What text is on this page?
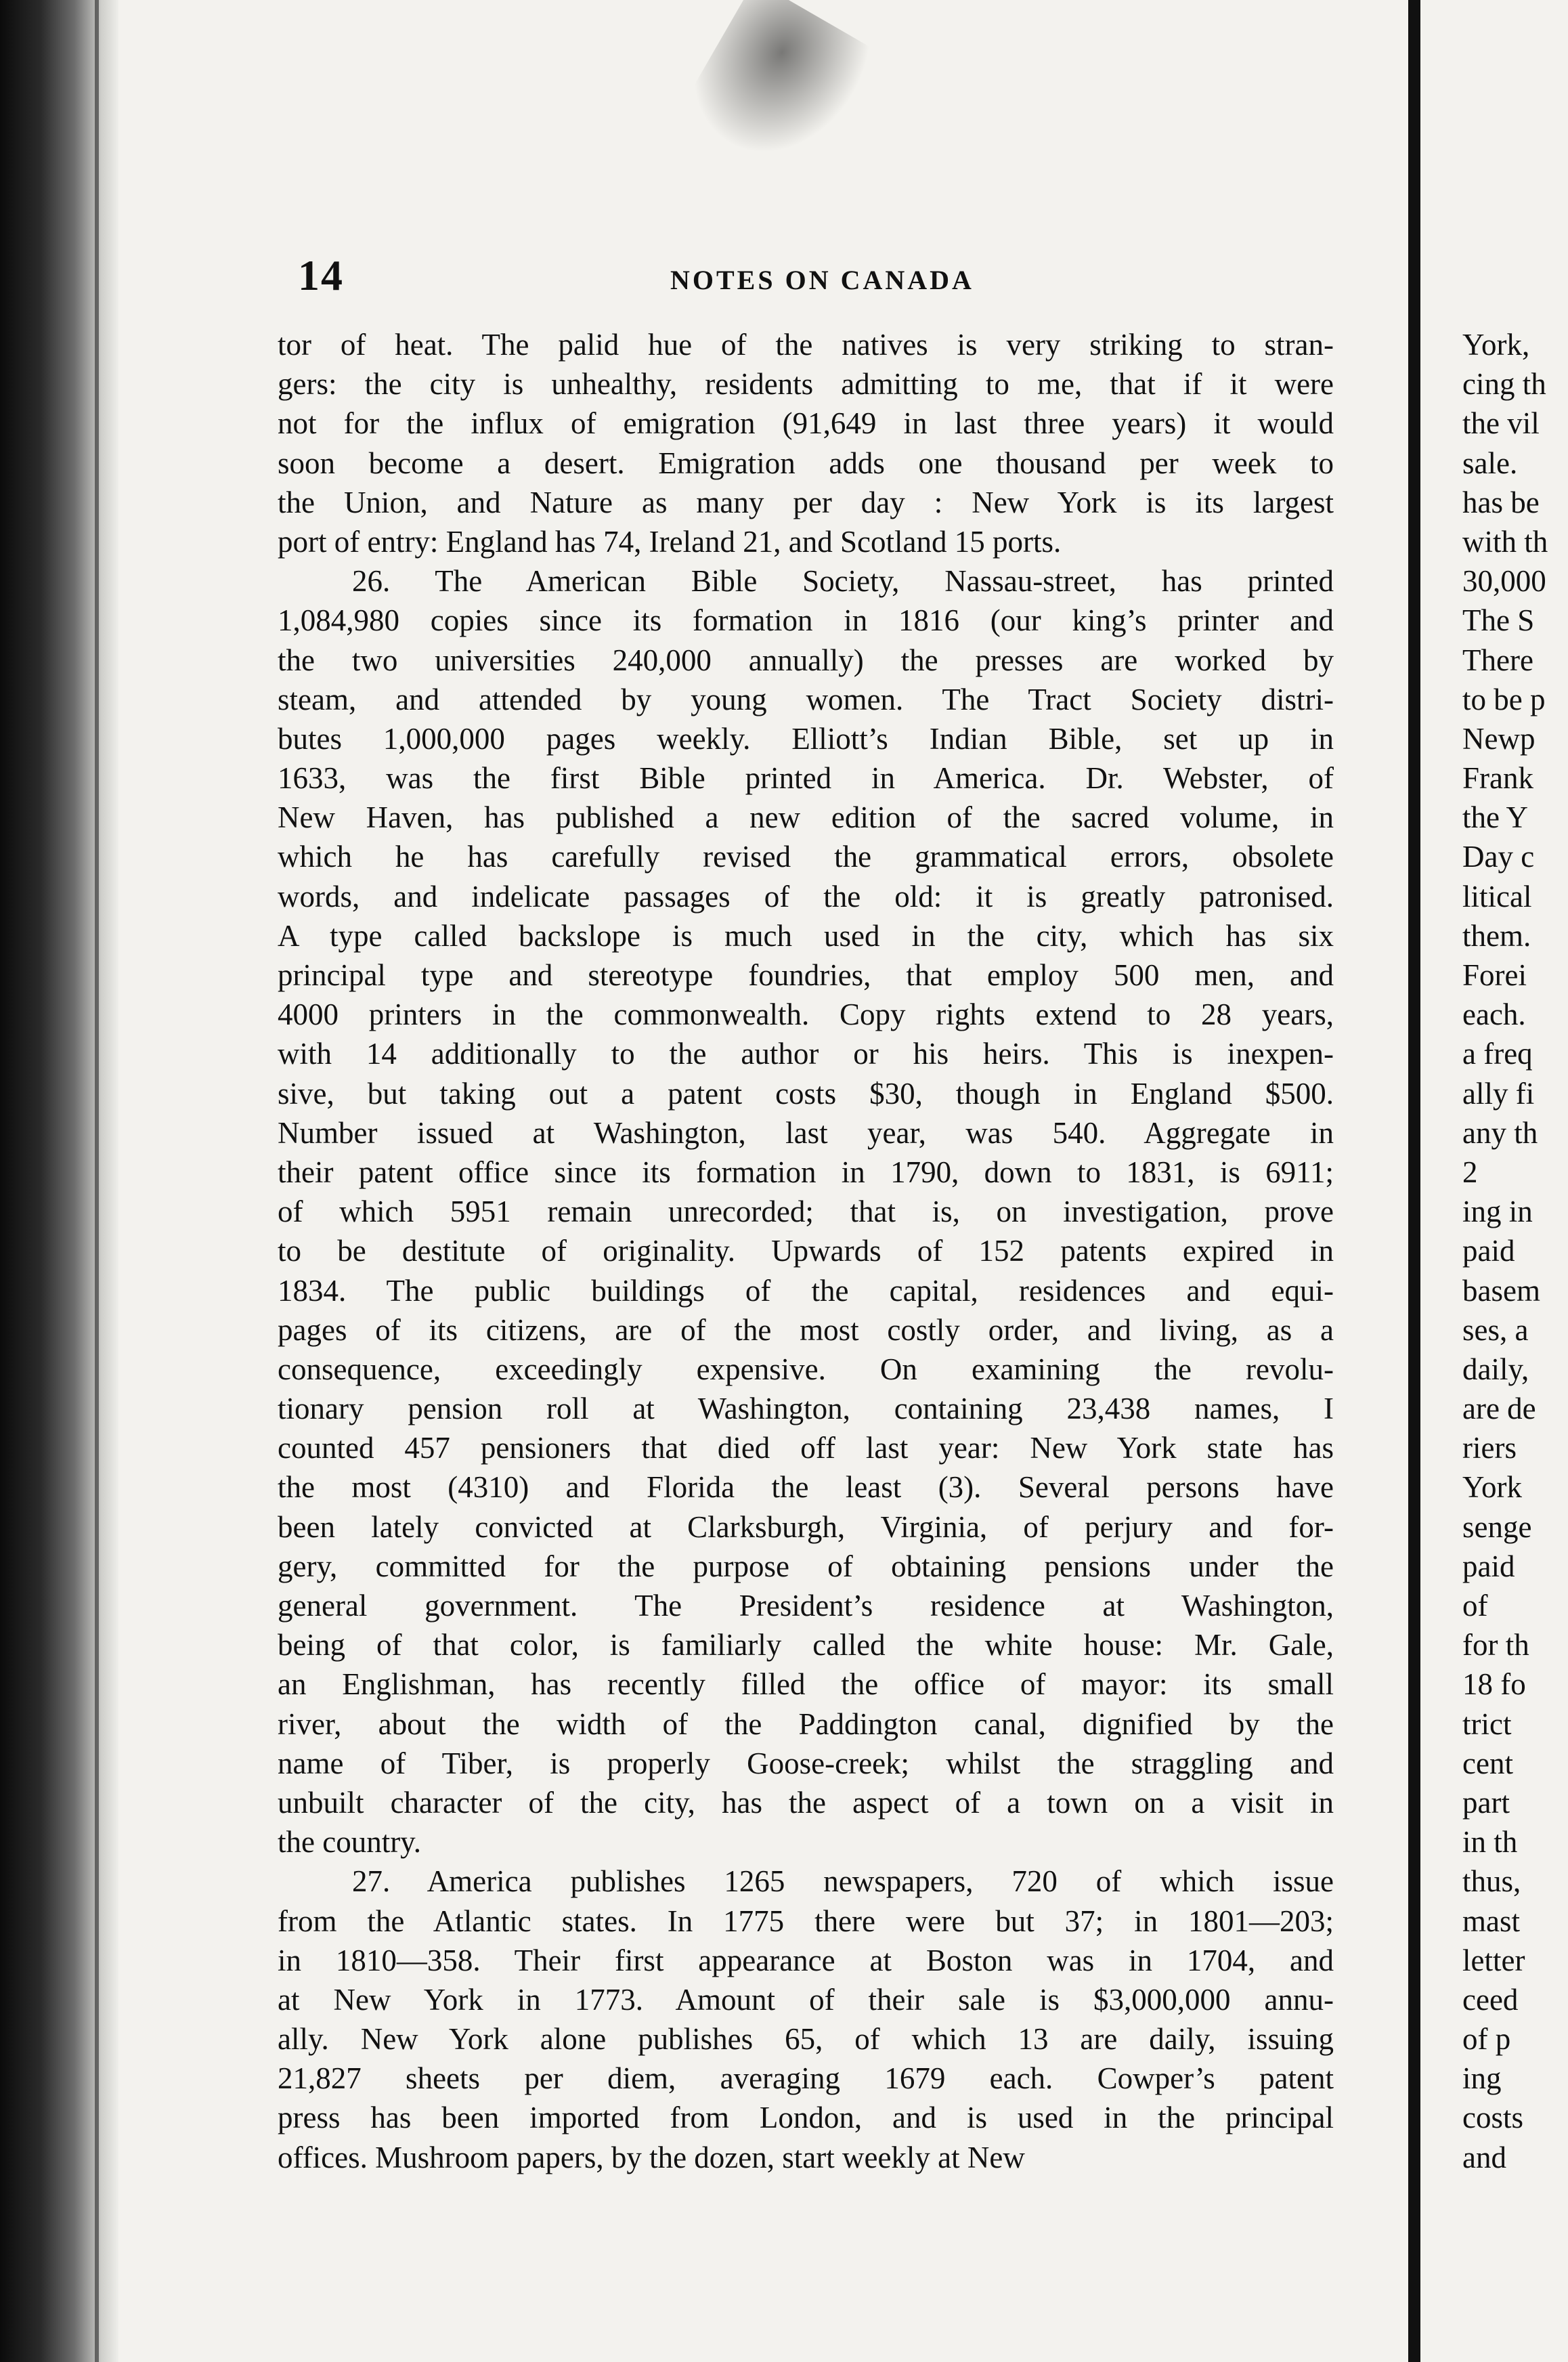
14	NOTES ON CANADA
tor of heat. The palid hue of the natives is very striking to stran-
gers: the city is unhealthy, residents admitting to me, that if it were
not for the influx of emigration (91,649 in last three years) it would
soon become a desert. Emigration adds one thousand per week to
the Union, and Nature as many per day : New York is its largest
port of entry: England has 74, Ireland 21, and Scotland 15 ports.
26. The American Bible Society, Nassau-street, has printed
1,084,980 copies since its formation in 1816 (our king’s printer and
the two universities 240,000 annually) the presses are worked by
steam, and attended by young women. The Tract Society distri-
butes 1,000,000 pages weekly. Elliott’s Indian Bible, set up in
1633, was the first Bible printed in America. Dr. Webster, of
New Haven, has published a new edition of the sacred volume, in
which he has carefully revised the grammatical errors, obsolete
words, and indelicate passages of the old: it is greatly patronised.
A type called backslope is much used in the city, which has six
principal type and stereotype foundries, that employ 500 men, and
4000 printers in the commonwealth. Copy rights extend to 28 years,
with 14 additionally to the author or his heirs. This is inexpen-
sive, but taking out a patent costs $30, though in England $500.
Number issued at Washington, last year, was 540. Aggregate in
their patent office since its formation in 1790, down to 1831, is 6911;
of which 5951 remain unrecorded; that is, on investigation, prove
to be destitute of originality. Upwards of 152 patents expired in
1834. The public buildings of the capital, residences and equi-
pages of its citizens, are of the most costly order, and living, as a
consequence, exceedingly expensive. On examining the revolu-
tionary pension roll at Washington, containing 23,438 names, I
counted 457 pensioners that died off last year: New York state has
the most (4310) and Florida the least (3). Several persons have
been lately convicted at Clarksburgh, Virginia, of perjury and for-
gery, committed for the purpose of obtaining pensions under the
general government. The President’s residence at Washington,
being of that color, is familiarly called the white house: Mr. Gale,
an Englishman, has recently filled the office of mayor: its small
river, about the width of the Paddington canal, dignified by the
name of Tiber, is properly Goose-creek; whilst the straggling and
unbuilt character of the city, has the aspect of a town on a visit in
the country.
27. America publishes 1265 newspapers, 720 of which issue
from the Atlantic states. In 1775 there were but 37; in 1801—203;
in 1810—358. Their first appearance at Boston was in 1704, and
at New York in 1773. Amount of their sale is $3,000,000 annu-
ally. New York alone publishes 65, of which 13 are daily, issuing
21,827 sheets per diem, averaging 1679 each. Cowper’s patent
press has been imported from London, and is used in the principal
offices. Mushroom papers, by the dozen, start weekly at New
York,
cing th
the vil
sale.
has be
with th
30,000
The S
There
to be p
Newp
Frank
the Y
Day c
litical
them.
Forei
each.
a freq
ally fi
any th
2
ing in
paid
basem
ses, a
daily,
are de
riers
York
senge
paid
of
for th
18 fo
trict
cent
part
in th
thus,
mast
letter
ceed
of p
ing
costs
and
